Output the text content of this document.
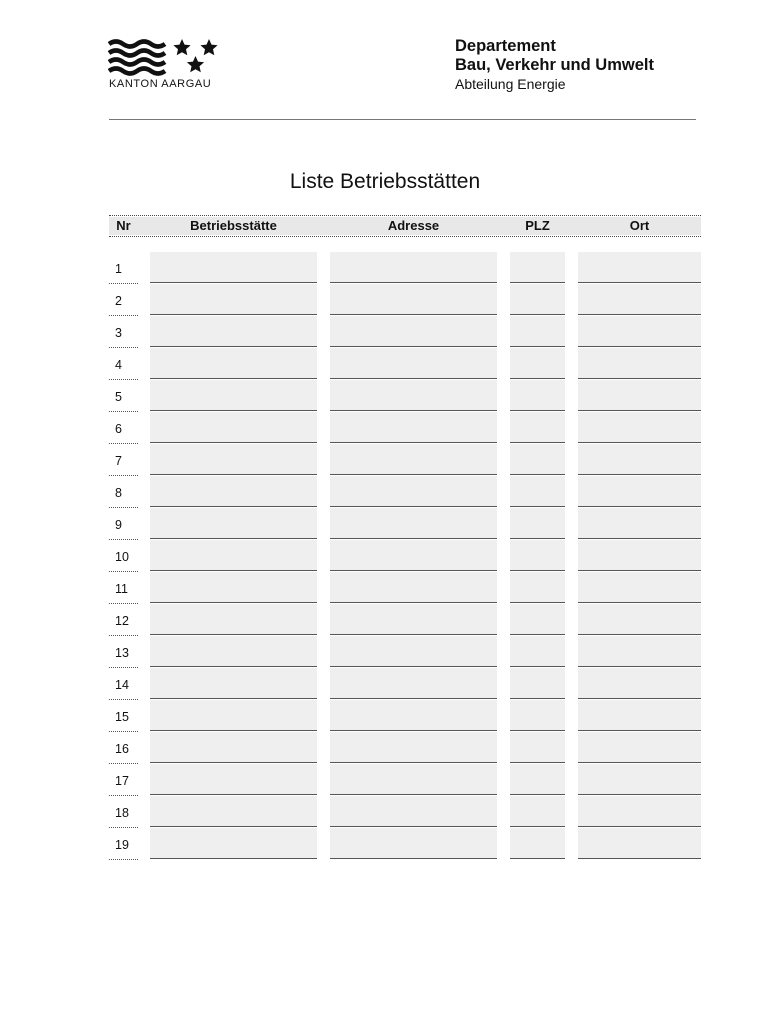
KANTON AARGAU
Departement
Bau, Verkehr und Umwelt
Abteilung Energie
Liste Betriebsstätten
Nr	Betriebsstätte	Adresse	PLZ	Ort
1
2
3
4
5
6
7
8
9
10
11
12
13
14
15
16
17
18
19
